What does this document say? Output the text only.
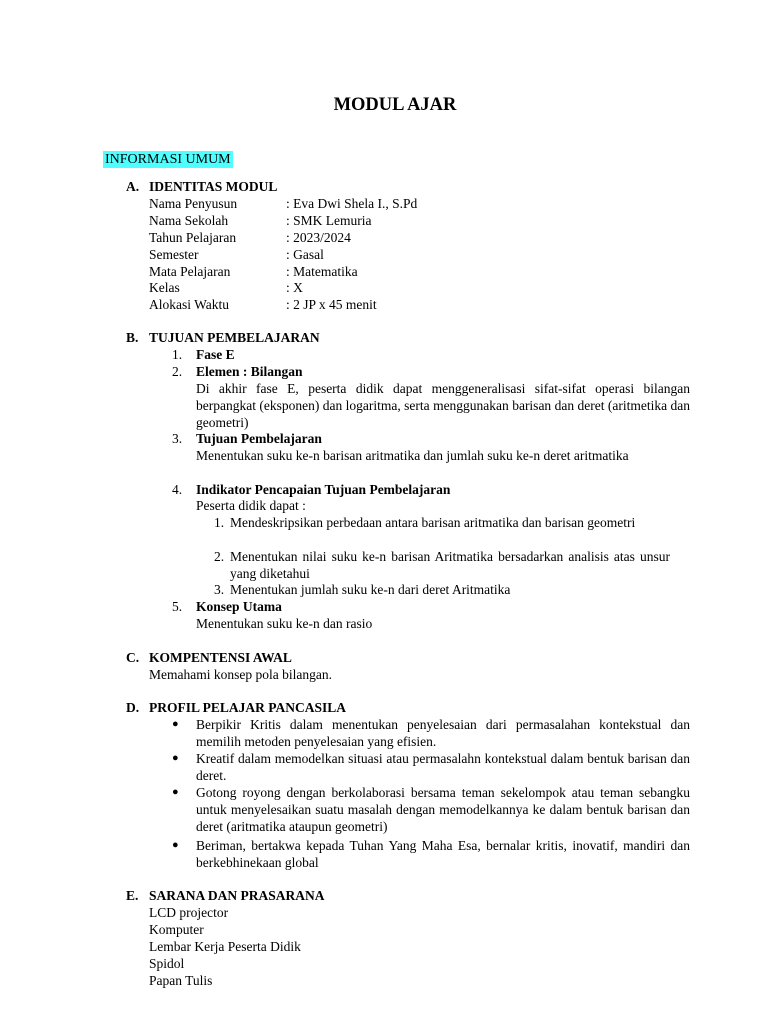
MODUL AJAR
INFORMASI UMUM
A. IDENTITAS MODUL
Nama Penyusun	: Eva Dwi Shela I., S.Pd
Nama Sekolah	: SMK Lemuria
Tahun Pelajaran	: 2023/2024
Semester	: Gasal
Mata Pelajaran	: Matematika
Kelas	: X
Alokasi Waktu	: 2 JP x 45 menit
B. TUJUAN PEMBELAJARAN
1. Fase E
2. Elemen : Bilangan
Di akhir fase E, peserta didik dapat menggeneralisasi sifat-sifat operasi bilangan berpangkat (eksponen) dan logaritma, serta menggunakan barisan dan deret (aritmetika dan geometri)
3. Tujuan Pembelajaran
Menentukan suku ke-n barisan aritmatika dan jumlah suku ke-n deret aritmatika
4. Indikator Pencapaian Tujuan Pembelajaran
Peserta didik dapat :
1. Mendeskripsikan perbedaan antara barisan aritmatika dan barisan geometri
2. Menentukan nilai suku ke-n barisan Aritmatika bersadarkan analisis atas unsur yang diketahui
3. Menentukan jumlah suku ke-n dari deret Aritmatika
5. Konsep Utama
Menentukan suku ke-n dan rasio
C. KOMPENTENSI AWAL
Memahami konsep pola bilangan.
D. PROFIL PELAJAR PANCASILA
● Berpikir Kritis dalam menentukan penyelesaian dari permasalahan kontekstual dan memilih metoden penyelesaian yang efisien.
● Kreatif dalam memodelkan situasi atau permasalahn kontekstual dalam bentuk barisan dan deret.
● Gotong royong dengan berkolaborasi bersama teman sekelompok atau teman sebangku untuk menyelesaikan suatu masalah dengan memodelkannya ke dalam bentuk barisan dan deret (aritmatika ataupun geometri)
● Beriman, bertakwa kepada Tuhan Yang Maha Esa, bernalar kritis, inovatif, mandiri dan berkebhinekaan global
E. SARANA DAN PRASARANA
LCD projector
Komputer
Lembar Kerja Peserta Didik
Spidol
Papan Tulis
